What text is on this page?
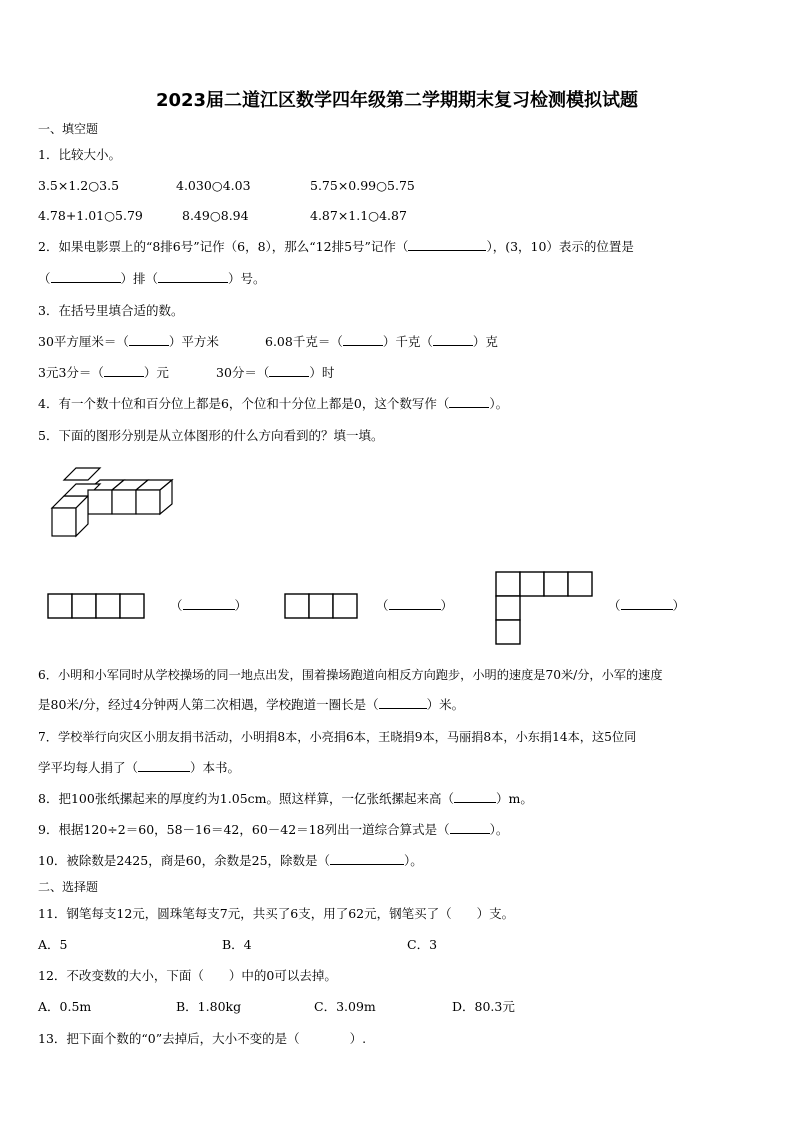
2023届二道江区数学四年级第二学期期末复习检测模拟试题
一、填空题
1．比较大小。
3.5×1.2○3.5	4.030○4.03	5.75×0.99○5.75
4.78+1.01○5.79	8.49○8.94	4.87×1.1○4.87
2．如果电影票上的“8排6号”记作（6，8），那么“12排5号”记作（	），(3，10）表示的位置是
（	）排（	）号。
3．在括号里填合适的数。
30平方厘米＝（	）平方米	6.08千克＝（	）千克（	）克
3元3分＝（	）元	30分＝（	）时
4．有一个数十位和百分位上都是6，个位和十分位上都是0，这个数写作（	）。
5．下面的图形分别是从立体图形的什么方向看到的？填一填。
（	）	（	）	（	）
6．小明和小军同时从学校操场的同一地点出发，围着操场跑道向相反方向跑步，小明的速度是70米/分，小军的速度
是80米/分，经过4分钟两人第二次相遇，学校跑道一圈长是（	）米。
7．学校举行向灾区小朋友捐书活动，小明捐8本，小亮捐6本，王晓捐9本，马丽捐8本，小东捐14本，这5位同
学平均每人捐了（	）本书。
8．把100张纸摞起来的厚度约为1.05cm。照这样算，一亿张纸摞起来高（	）m。
9．根据120÷2＝60，58－16＝42，60－42＝18列出一道综合算式是（	）。
10．被除数是2425，商是60，余数是25，除数是（	）。
二、选择题
11．钢笔每支12元，圆珠笔每支7元，共买了6支，用了62元，钢笔买了（　　）支。
A．5	B．4	C．3
12．不改变数的大小，下面（　　）中的0可以去掉。
A．0.5m	B．1.80kg	C．3.09m	D．80.3元
13．把下面个数的“0”去掉后，大小不变的是（　　　　）.
